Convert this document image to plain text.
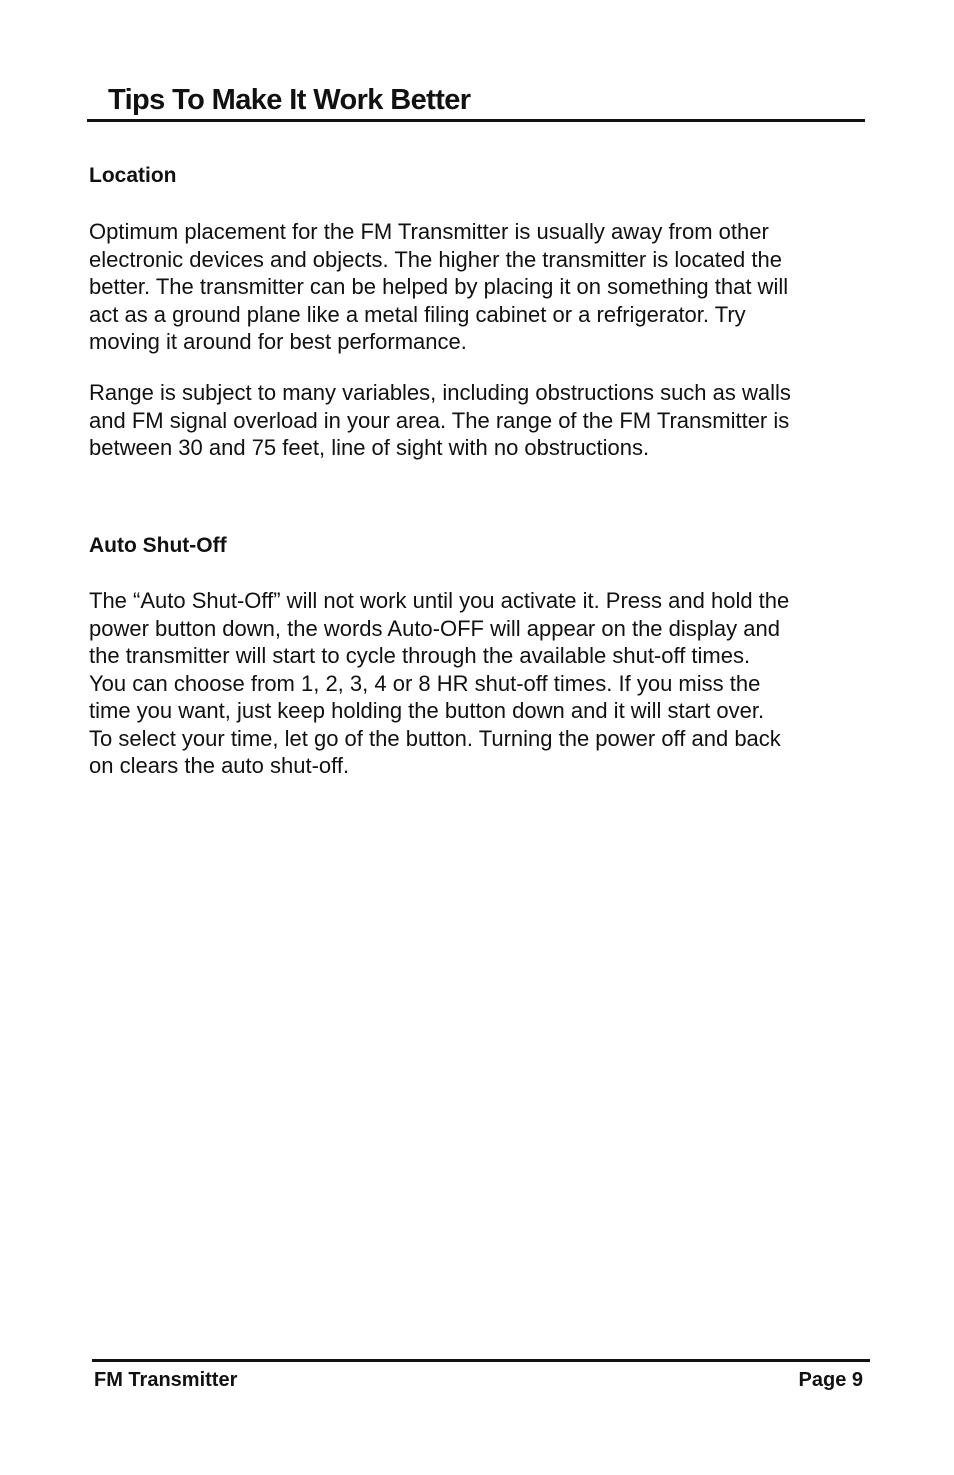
Tips To Make It Work Better
Location

Optimum placement for the FM Transmitter is usually away from other
electronic devices and objects. The higher the transmitter is located the
better. The transmitter can be helped by placing it on something that will
act as a ground plane like a metal filing cabinet or a refrigerator. Try
moving it around for best performance.

Range is subject to many variables, including obstructions such as walls
and FM signal overload in your area. The range of the FM Transmitter is
between 30 and 75 feet, line of sight with no obstructions.

Auto Shut-Off

The “Auto Shut-Off” will not work until you activate it. Press and hold the
power button down, the words Auto-OFF will appear on the display and
the transmitter will start to cycle through the available shut-off times.
You can choose from 1, 2, 3, 4 or 8 HR shut-off times. If you miss the
time you want, just keep holding the button down and it will start over.
To select your time, let go of the button. Turning the power off and back
on clears the auto shut-off.

FM Transmitter	Page 9
